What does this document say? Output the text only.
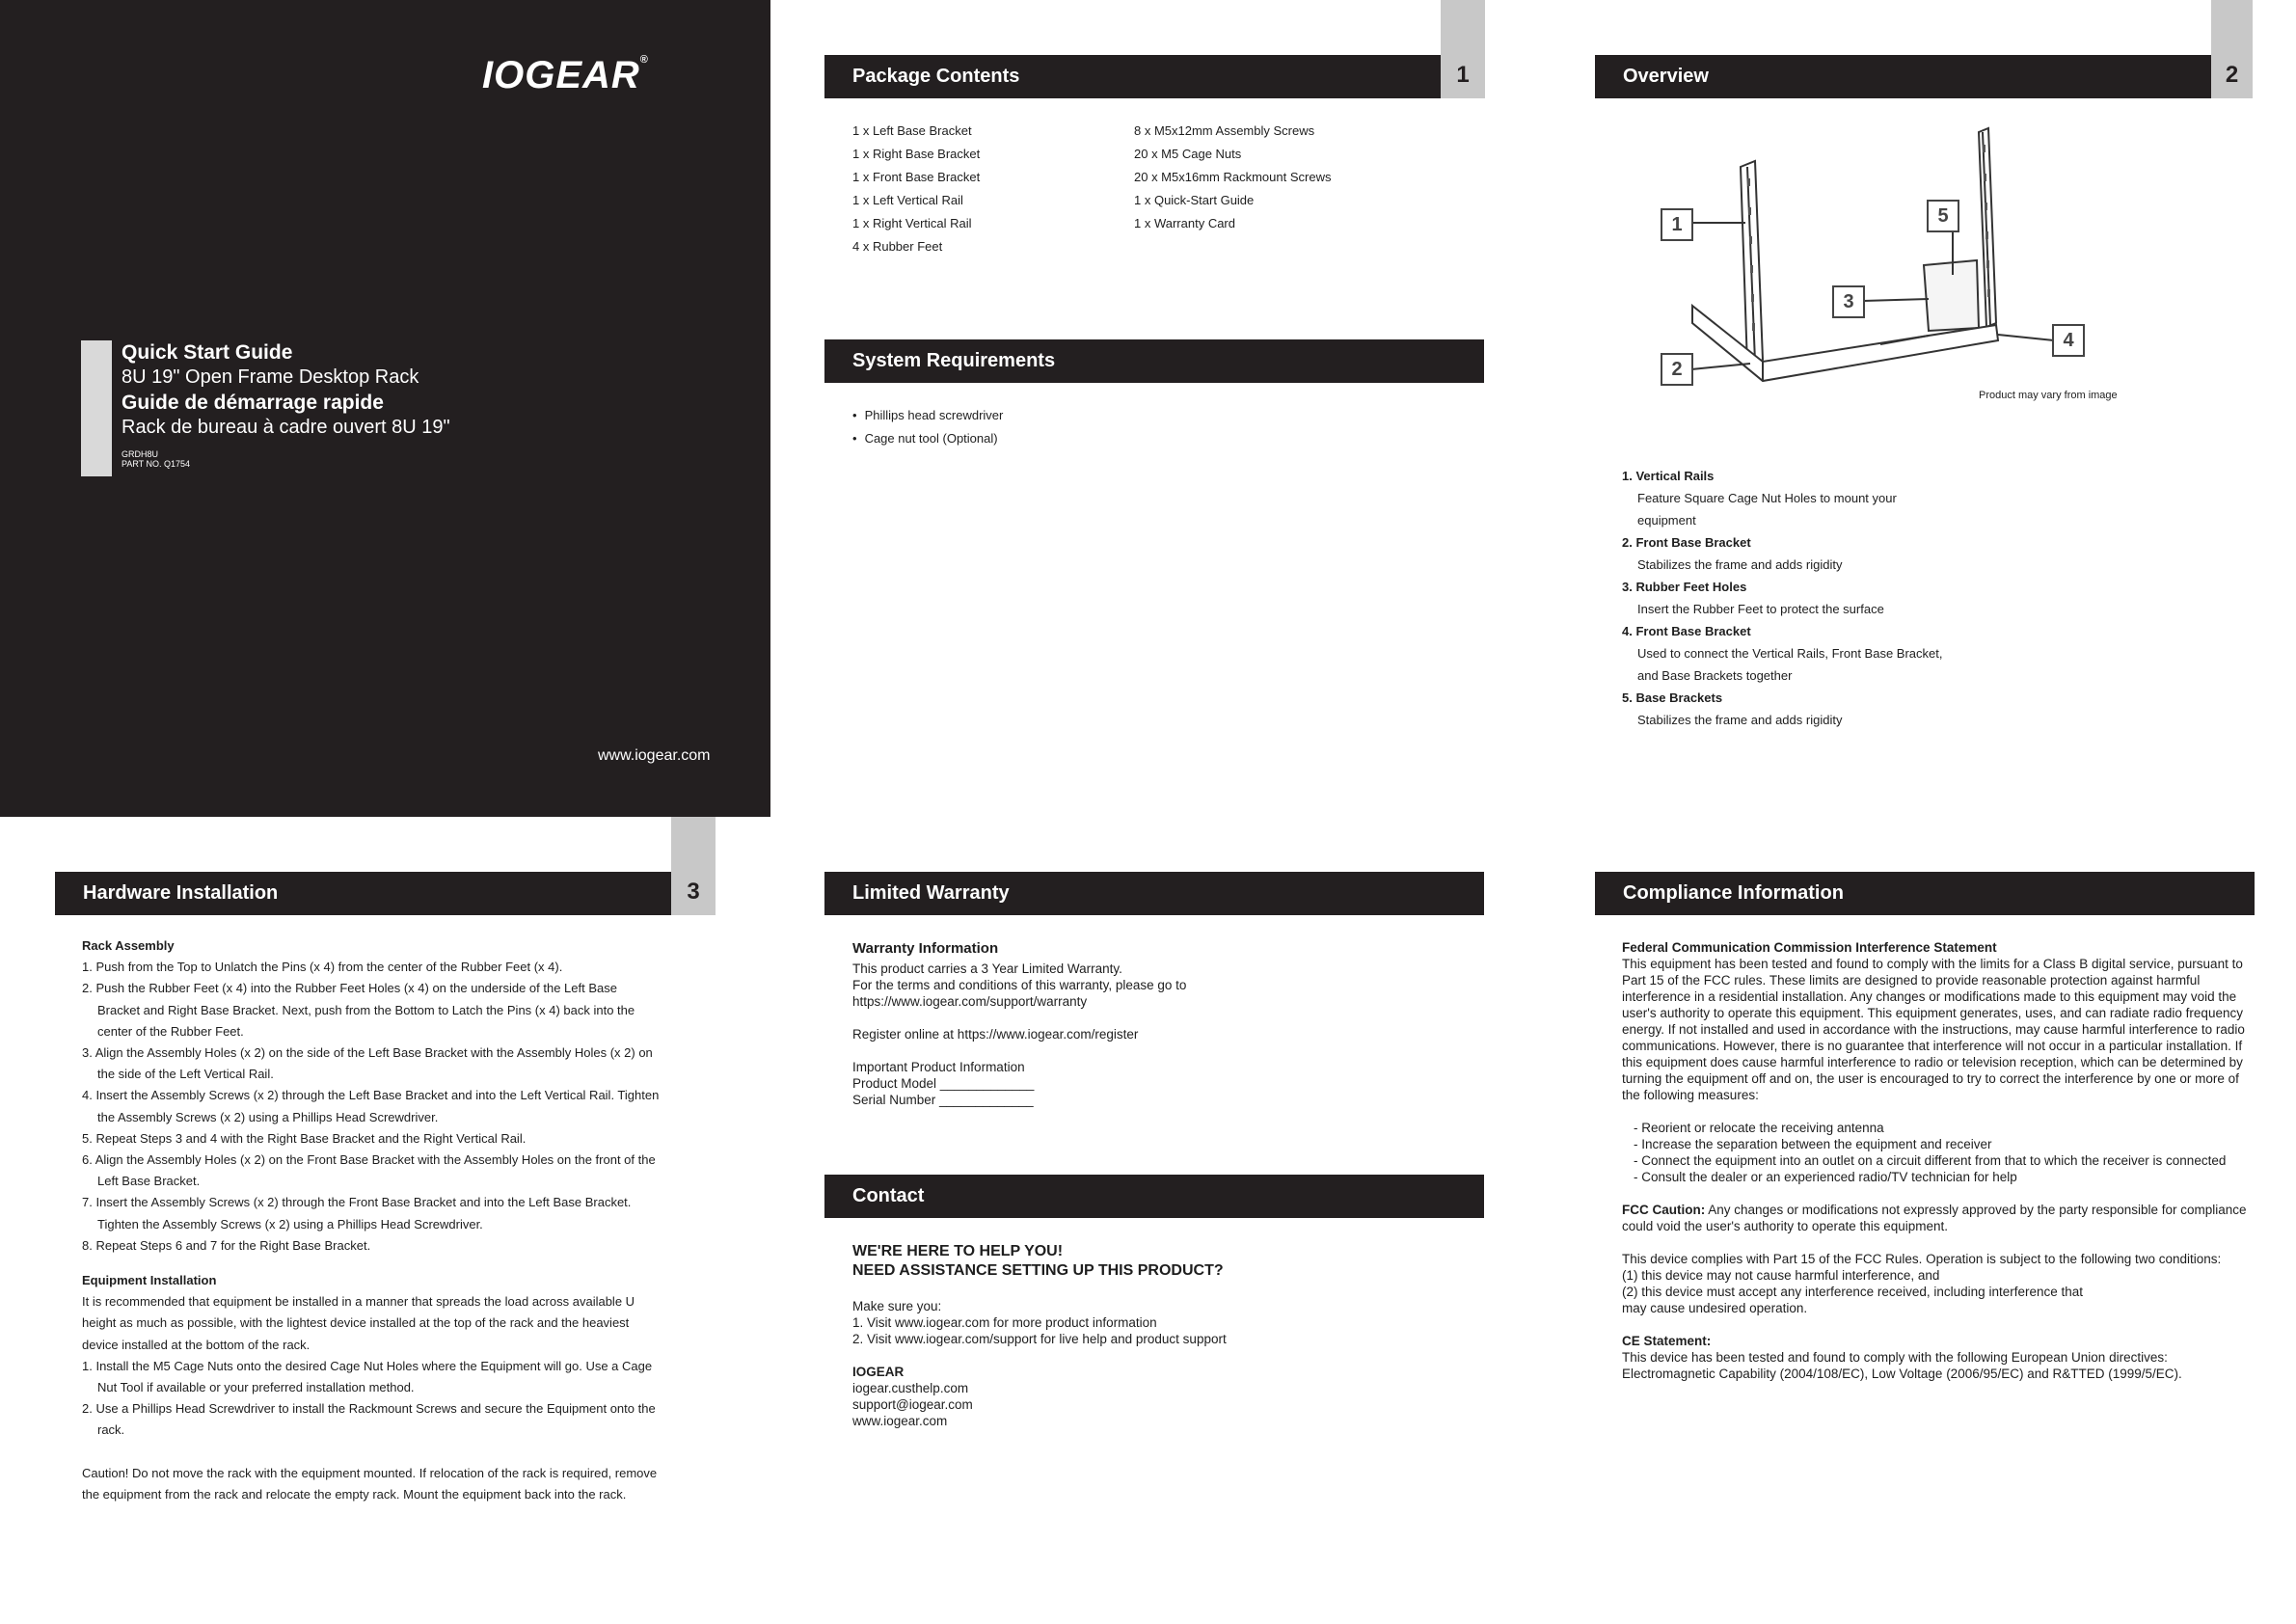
IOGEAR®
Quick Start Guide
8U 19" Open Frame Desktop Rack
Guide de démarrage rapide
Rack de bureau à cadre ouvert 8U 19"
GRDH8U
PART NO. Q1754
www.iogear.com
1
Package Contents
1 x Left Base Bracket
1 x Right Base Bracket
1 x Front Base Bracket
1 x Left Vertical Rail
1 x Right Vertical Rail
4 x Rubber Feet
8 x M5x12mm Assembly Screws
20 x M5 Cage Nuts
20 x M5x16mm Rackmount Screws
1 x Quick-Start Guide
1 x Warranty Card
System Requirements
• Phillips head screwdriver
• Cage nut tool (Optional)
2
Overview
1
2
3
4
5
Product may vary from image
1. Vertical Rails
Feature Square Cage Nut Holes to mount your
equipment
2. Front Base Bracket
Stabilizes the frame and adds rigidity
3. Rubber Feet Holes
Insert the Rubber Feet to protect the surface
4. Front Base Bracket
Used to connect the Vertical Rails, Front Base Bracket,
and Base Brackets together
5. Base Brackets
Stabilizes the frame and adds rigidity
3
Hardware Installation
Rack Assembly
1. Push from the Top to Unlatch the Pins (x 4) from the center of the Rubber Feet (x 4).
2. Push the Rubber Feet (x 4) into the Rubber Feet Holes (x 4) on the underside of the Left Base Bracket and Right Base Bracket. Next, push from the Bottom to Latch the Pins (x 4) back into the center of the Rubber Feet.
3. Align the Assembly Holes (x 2) on the side of the Left Base Bracket with the Assembly Holes (x 2) on the side of the Left Vertical Rail.
4. Insert the Assembly Screws (x 2) through the Left Base Bracket and into the Left Vertical Rail. Tighten the Assembly Screws (x 2) using a Phillips Head Screwdriver.
5. Repeat Steps 3 and 4 with the Right Base Bracket and the Right Vertical Rail.
6. Align the Assembly Holes (x 2) on the Front Base Bracket with the Assembly Holes on the front of the Left Base Bracket.
7. Insert the Assembly Screws (x 2) through the Front Base Bracket and into the Left Base Bracket. Tighten the Assembly Screws (x 2) using a Phillips Head Screwdriver.
8. Repeat Steps 6 and 7 for the Right Base Bracket.
Equipment Installation
It is recommended that equipment be installed in a manner that spreads the load across available U height as much as possible, with the lightest device installed at the top of the rack and the heaviest device installed at the bottom of the rack.
1. Install the M5 Cage Nuts onto the desired Cage Nut Holes where the Equipment will go. Use a Cage Nut Tool if available or your preferred installation method.
2. Use a Phillips Head Screwdriver to install the Rackmount Screws and secure the Equipment onto the rack.
Caution! Do not move the rack with the equipment mounted. If relocation of the rack is required, remove the equipment from the rack and relocate the empty rack. Mount the equipment back into the rack.
Limited Warranty
Warranty Information
This product carries a 3 Year Limited Warranty.
For the terms and conditions of this warranty, please go to
https://www.iogear.com/support/warranty
Register online at https://www.iogear.com/register
Important Product Information
Product Model _____________
Serial Number _____________
Contact
WE'RE HERE TO HELP YOU!
NEED ASSISTANCE SETTING UP THIS PRODUCT?
Make sure you:
1. Visit www.iogear.com for more product information
2. Visit www.iogear.com/support for live help and product support
IOGEAR
iogear.custhelp.com
support@iogear.com
www.iogear.com
Compliance Information
Federal Communication Commission Interference Statement
This equipment has been tested and found to comply with the limits for a Class B digital service, pursuant to Part 15 of the FCC rules. These limits are designed to provide reasonable protection against harmful interference in a residential installation. Any changes or modifications made to this equipment may void the user's authority to operate this equipment. This equipment generates, uses, and can radiate radio frequency energy. If not installed and used in accordance with the instructions, may cause harmful interference to radio communications. However, there is no guarantee that interference will not occur in a particular installation. If this equipment does cause harmful interference to radio or television reception, which can be determined by turning the equipment off and on, the user is encouraged to try to correct the interference by one or more of the following measures:
- Reorient or relocate the receiving antenna
- Increase the separation between the equipment and receiver
- Connect the equipment into an outlet on a circuit different from that to which the receiver is connected
- Consult the dealer or an experienced radio/TV technician for help
FCC Caution: Any changes or modifications not expressly approved by the party responsible for compliance could void the user's authority to operate this equipment.
This device complies with Part 15 of the FCC Rules. Operation is subject to the following two conditions:
(1) this device may not cause harmful interference, and
(2) this device must accept any interference received, including interference that
may cause undesired operation.
CE Statement:
This device has been tested and found to comply with the following European Union directives:
Electromagnetic Capability (2004/108/EC), Low Voltage (2006/95/EC) and R&TTED (1999/5/EC).
